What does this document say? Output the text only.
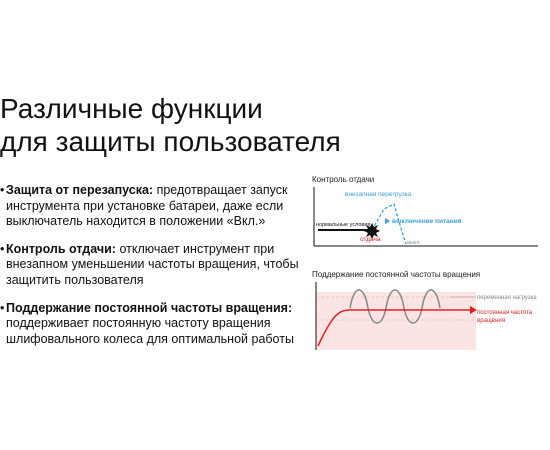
Различные функции
для защиты пользователя
• Защита от перезапуска: предотвращает запуск инструмента при установке батареи, даже если выключатель находится в положении «Вкл.»
• Контроль отдачи: отключает инструмент при внезапном уменьшении частоты вращения, чтобы защитить пользователя
• Поддержание постоянной частоты вращения: поддерживает постоянную частоту вращения шлифовального колеса для оптимальной работы
Контроль отдачи
внезапная перегрузка
нормальные условия	выключение питания
отдача	выкл.
Поддержание постоянной частоты вращения
переменная нагрузка
постоянная частота
вращения
